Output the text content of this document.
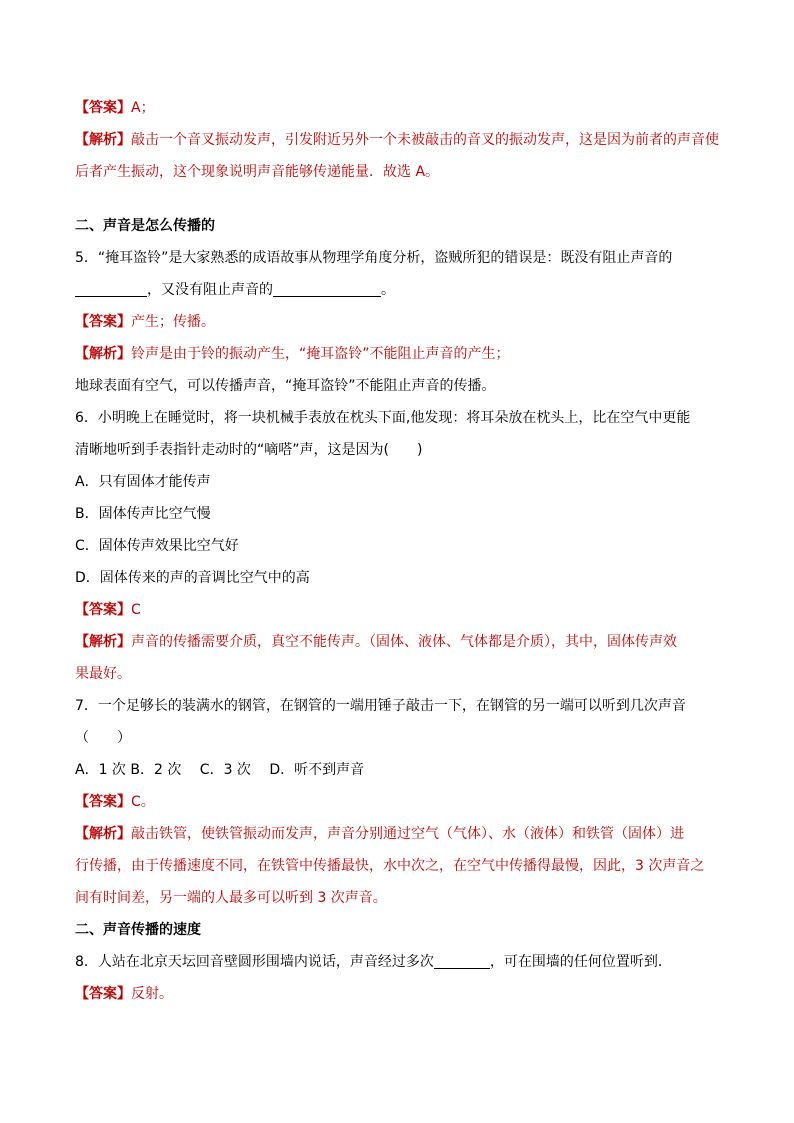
【答案】A；
【解析】敲击一个音叉振动发声，引发附近另外一个未被敲击的音叉的振动发声，这是因为前者的声音使
后者产生振动，这个现象说明声音能够传递能量．故选 A。
二、声音是怎么传播的
5．“掩耳盗铃”是大家熟悉的成语故事从物理学角度分析，盗贼所犯的错误是：既没有阻止声音的
，又没有阻止声音的	。
【答案】产生；传播。
【解析】铃声是由于铃的振动产生，“掩耳盗铃”不能阻止声音的产生；
地球表面有空气，可以传播声音，“掩耳盗铃”不能阻止声音的传播。
6．小明晚上在睡觉时，将一块机械手表放在枕头下面,他发现：将耳朵放在枕头上，比在空气中更能
清晰地听到手表指针走动时的“嘀嗒”声，这是因为(　　)
A．只有固体才能传声
B．固体传声比空气慢
C．固体传声效果比空气好
D．固体传来的声的音调比空气中的高
【答案】C
【解析】声音的传播需要介质，真空不能传声。（固体、液体、气体都是介质），其中，固体传声效
果最好。
7．一个足够长的装满水的钢管，在钢管的一端用锤子敲击一下，在钢管的另一端可以听到几次声音
（　　）
A．1 次 B．2 次　 C．3 次　 D．听不到声音
【答案】C。
【解析】敲击铁管，使铁管振动而发声，声音分别通过空气（气体）、水（液体）和铁管（固体）进
行传播，由于传播速度不同，在铁管中传播最快，水中次之，在空气中传播得最慢，因此，3 次声音之
间有时间差，另一端的人最多可以听到 3 次声音。
二、声音传播的速度
8．人站在北京天坛回音壁圆形围墙内说话，声音经过多次	，可在围墙的任何位置听到．
【答案】反射。
